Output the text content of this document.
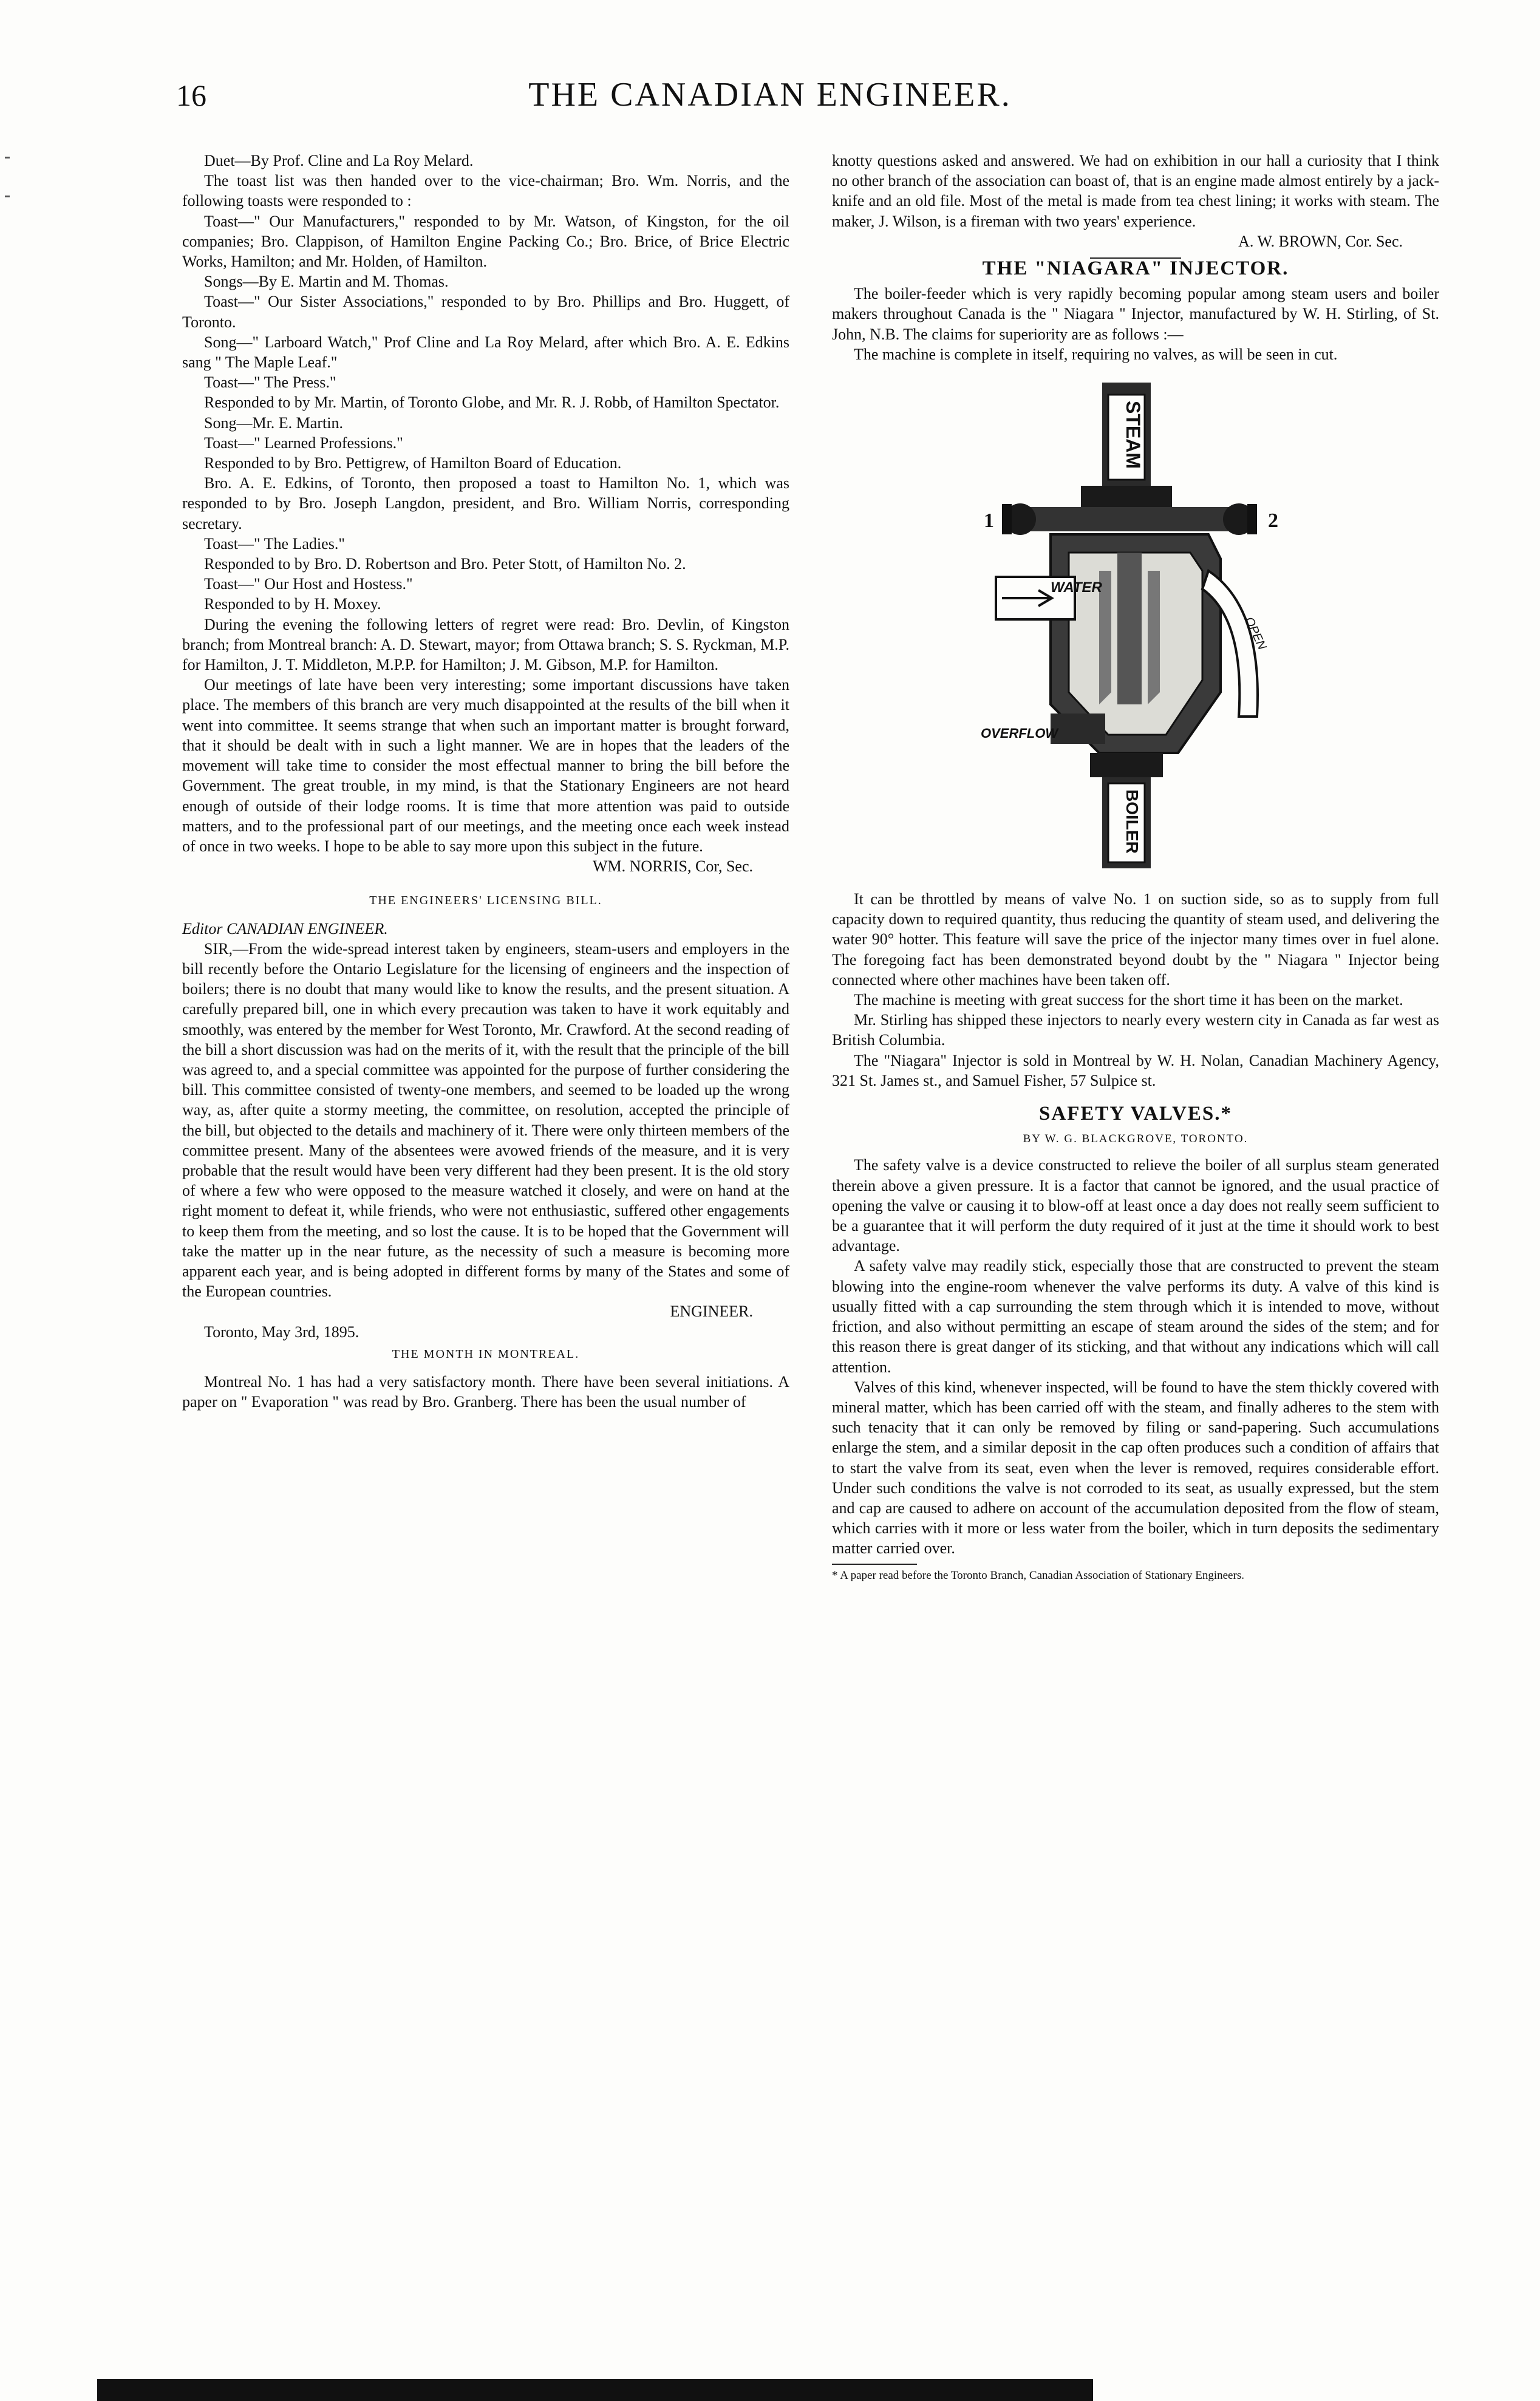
16	THE CANADIAN ENGINEER.

Duet—By Prof. Cline and La Roy Melard.

The toast list was then handed over to the vice-chairman; Bro. Wm. Norris, and the following toasts were responded to :

Toast—" Our Manufacturers," responded to by Mr. Watson, of Kingston, for the oil companies; Bro. Clappison, of Hamilton Engine Packing Co.; Bro. Brice, of Brice Electric Works, Hamilton; and Mr. Holden, of Hamilton.

Songs—By E. Martin and M. Thomas.

Toast—" Our Sister Associations," responded to by Bro. Phillips and Bro. Huggett, of Toronto.

Song—" Larboard Watch," Prof Cline and La Roy Melard, after which Bro. A. E. Edkins sang " The Maple Leaf."

Toast—" The Press."

Responded to by Mr. Martin, of Toronto Globe, and Mr. R. J. Robb, of Hamilton Spectator.

Song—Mr. E. Martin.

Toast—" Learned Professions."

Responded to by Bro. Pettigrew, of Hamilton Board of Education.

Bro. A. E. Edkins, of Toronto, then proposed a toast to Hamilton No. 1, which was responded to by Bro. Joseph Langdon, president, and Bro. William Norris, corresponding secretary.

Toast—" The Ladies."

Responded to by Bro. D. Robertson and Bro. Peter Stott, of Hamilton No. 2.

Toast—" Our Host and Hostess."

Responded to by H. Moxey.

During the evening the following letters of regret were read: Bro. Devlin, of Kingston branch; from Montreal branch: A. D. Stewart, mayor; from Ottawa branch; S. S. Ryckman, M.P. for Hamilton, J. T. Middleton, M.P.P. for Hamilton; J. M. Gibson, M.P. for Hamilton.

Our meetings of late have been very interesting; some important discussions have taken place. The members of this branch are very much disappointed at the results of the bill when it went into committee. It seems strange that when such an important matter is brought forward, that it should be dealt with in such a light manner. We are in hopes that the leaders of the movement will take time to consider the most effectual manner to bring the bill before the Government. The great trouble, in my mind, is that the Stationary Engineers are not heard enough of outside of their lodge rooms. It is time that more attention was paid to outside matters, and to the professional part of our meetings, and the meeting once each week instead of once in two weeks. I hope to be able to say more upon this subject in the future.

WM. NORRIS, Cor, Sec.

THE ENGINEERS' LICENSING BILL.

Editor CANADIAN ENGINEER.

SIR,—From the wide-spread interest taken by engineers, steam-users and employers in the bill recently before the Ontario Legislature for the licensing of engineers and the inspection of boilers; there is no doubt that many would like to know the results, and the present situation. A carefully prepared bill, one in which every precaution was taken to have it work equitably and smoothly, was entered by the member for West Toronto, Mr. Crawford. At the second reading of the bill a short discussion was had on the merits of it, with the result that the principle of the bill was agreed to, and a special committee was appointed for the purpose of further considering the bill. This committee consisted of twenty-one members, and seemed to be loaded up the wrong way, as, after quite a stormy meeting, the committee, on resolution, accepted the principle of the bill, but objected to the details and machinery of it. There were only thirteen members of the committee present. Many of the absentees were avowed friends of the measure, and it is very probable that the result would have been very different had they been present. It is the old story of where a few who were opposed to the measure watched it closely, and were on hand at the right moment to defeat it, while friends, who were not enthusiastic, suffered other engagements to keep them from the meeting, and so lost the cause. It is to be hoped that the Government will take the matter up in the near future, as the necessity of such a measure is becoming more apparent each year, and is being adopted in different forms by many of the States and some of the European countries.

ENGINEER.

Toronto, May 3rd, 1895.

THE MONTH IN MONTREAL.

Montreal No. 1 has had a very satisfactory month. There have been several initiations. A paper on " Evaporation " was read by Bro. Granberg. There has been the usual number of

knotty questions asked and answered. We had on exhibition in our hall a curiosity that I think no other branch of the association can boast of, that is an engine made almost entirely by a jack-knife and an old file. Most of the metal is made from tea chest lining; it works with steam. The maker, J. Wilson, is a fireman with two years' experience.

A. W. BROWN, Cor. Sec.

THE "NIAGARA" INJECTOR.

The boiler-feeder which is very rapidly becoming popular among steam users and boiler makers throughout Canada is the " Niagara " Injector, manufactured by W. H. Stirling, of St. John, N.B. The claims for superiority are as follows :—

The machine is complete in itself, requiring no valves, as will be seen in cut.

STEAM
1	2
WATER
OPEN
OVERFLOW
BOILER

It can be throttled by means of valve No. 1 on suction side, so as to supply from full capacity down to required quantity, thus reducing the quantity of steam used, and delivering the water 90° hotter. This feature will save the price of the injector many times over in fuel alone. The foregoing fact has been demonstrated beyond doubt by the " Niagara " Injector being connected where other machines have been taken off.

The machine is meeting with great success for the short time it has been on the market.

Mr. Stirling has shipped these injectors to nearly every western city in Canada as far west as British Columbia.

The "Niagara" Injector is sold in Montreal by W. H. Nolan, Canadian Machinery Agency, 321 St. James st., and Samuel Fisher, 57 Sulpice st.

SAFETY VALVES.*
BY W. G. BLACKGROVE, TORONTO.

The safety valve is a device constructed to relieve the boiler of all surplus steam generated therein above a given pressure. It is a factor that cannot be ignored, and the usual practice of opening the valve or causing it to blow-off at least once a day does not really seem sufficient to be a guarantee that it will perform the duty required of it just at the time it should work to best advantage.

A safety valve may readily stick, especially those that are constructed to prevent the steam blowing into the engine-room whenever the valve performs its duty. A valve of this kind is usually fitted with a cap surrounding the stem through which it is intended to move, without friction, and also without permitting an escape of steam around the sides of the stem; and for this reason there is great danger of its sticking, and that without any indications which will call attention.

Valves of this kind, whenever inspected, will be found to have the stem thickly covered with mineral matter, which has been carried off with the steam, and finally adheres to the stem with such tenacity that it can only be removed by filing or sand-papering. Such accumulations enlarge the stem, and a similar deposit in the cap often produces such a condition of affairs that to start the valve from its seat, even when the lever is removed, requires considerable effort. Under such conditions the valve is not corroded to its seat, as usually expressed, but the stem and cap are caused to adhere on account of the accumulation deposited from the flow of steam, which carries with it more or less water from the boiler, which in turn deposits the sedimentary matter carried over.

* A paper read before the Toronto Branch, Canadian Association of Stationary Engineers.
